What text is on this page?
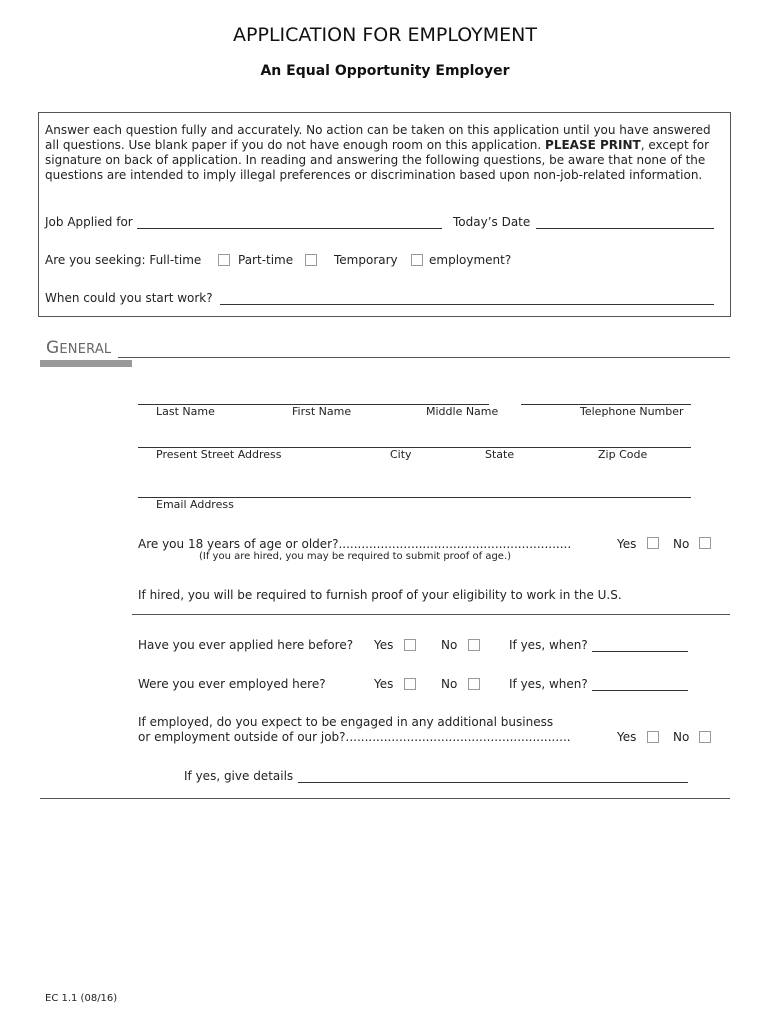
APPLICATION FOR EMPLOYMENT
An Equal Opportunity Employer
Answer each question fully and accurately. No action can be taken on this application until you have answered all questions. Use blank paper if you do not have enough room on this application. PLEASE PRINT, except for signature on back of application. In reading and answering the following questions, be aware that none of the questions are intended to imply illegal preferences or discrimination based upon non-job-related information.
Job Applied for	Today’s Date
Are you seeking: Full-time	Part-time	Temporary	employment?
When could you start work?
GENERAL
Last Name	First Name	Middle Name	Telephone Number
Present Street Address	City	State	Zip Code
Email Address
Are you 18 years of age or older?.............................................................	Yes	No
(If you are hired, you may be required to submit proof of age.)
If hired, you will be required to furnish proof of your eligibility to work in the U.S.
Have you ever applied here before? Yes	No	If yes, when?
Were you ever employed here?	Yes	No	If yes, when?
If employed, do you expect to be engaged in any additional business
or employment outside of our job?...........................................................	Yes	No
If yes, give details
EC 1.1 (08/16)
